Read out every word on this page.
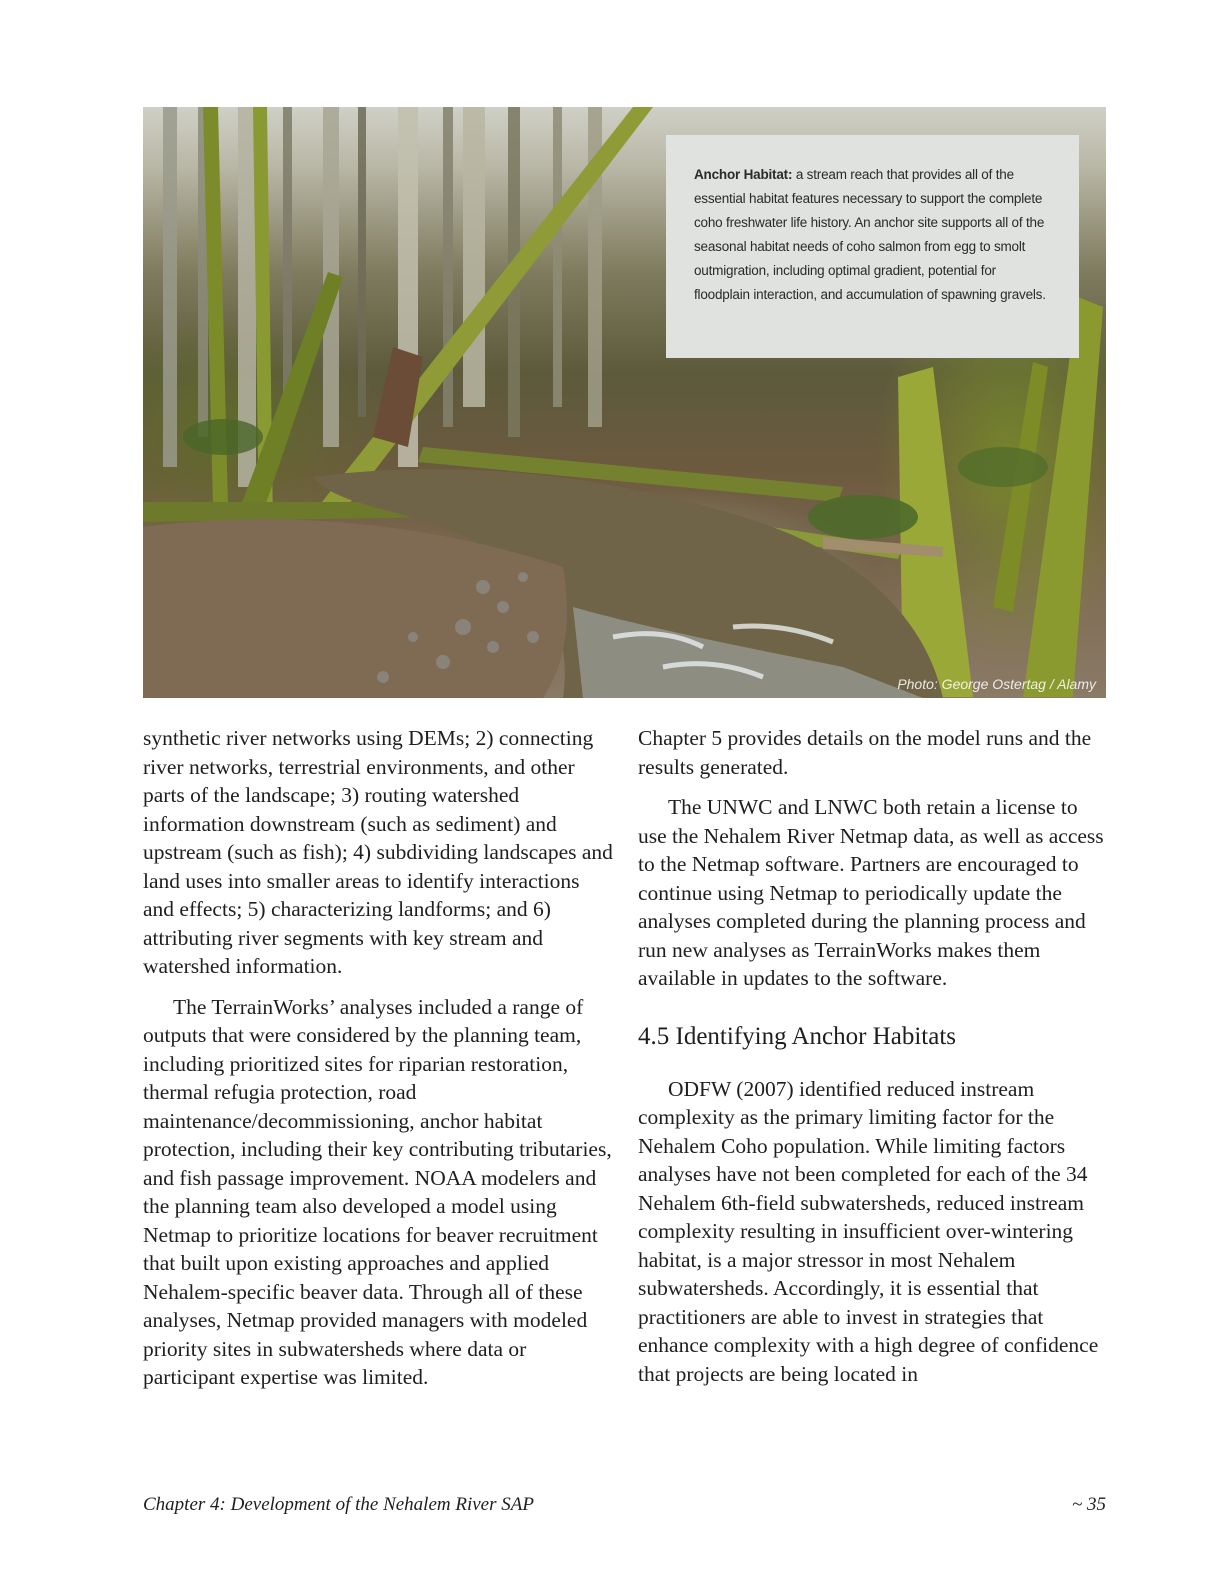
Anchor Habitat: a stream reach that provides all of the essential habitat features necessary to support the complete coho freshwater life history. An anchor site supports all of the seasonal habitat needs of coho salmon from egg to smolt outmigration, including optimal gradient, potential for floodplain interaction, and accumulation of spawning gravels.
Photo: George Ostertag / Alamy

synthetic river networks using DEMs; 2) connecting river networks, terrestrial environments, and other parts of the landscape; 3) routing watershed information downstream (such as sediment) and upstream (such as fish); 4) subdividing landscapes and land uses into smaller areas to identify interactions and effects; 5) characterizing landforms; and 6) attributing river segments with key stream and watershed information.

The TerrainWorks’ analyses included a range of outputs that were considered by the planning team, including prioritized sites for riparian restoration, thermal refugia protection, road maintenance/decommissioning, anchor habitat protection, including their key contributing tributaries, and fish passage improvement. NOAA modelers and the planning team also developed a model using Netmap to prioritize locations for beaver recruitment that built upon existing approaches and applied Nehalem-specific beaver data. Through all of these analyses, Netmap provided managers with modeled priority sites in subwatersheds where data or participant expertise was limited.

Chapter 5 provides details on the model runs and the results generated.

The UNWC and LNWC both retain a license to use the Nehalem River Netmap data, as well as access to the Netmap software. Partners are encouraged to continue using Netmap to periodically update the analyses completed during the planning process and run new analyses as TerrainWorks makes them available in updates to the software.

4.5 Identifying Anchor Habitats

ODFW (2007) identified reduced instream complexity as the primary limiting factor for the Nehalem Coho population. While limiting factors analyses have not been completed for each of the 34 Nehalem 6th-field subwatersheds, reduced instream complexity resulting in insufficient over-wintering habitat, is a major stressor in most Nehalem subwatersheds. Accordingly, it is essential that practitioners are able to invest in strategies that enhance complexity with a high degree of confidence that projects are being located in

Chapter 4: Development of the Nehalem River SAP	~ 35
